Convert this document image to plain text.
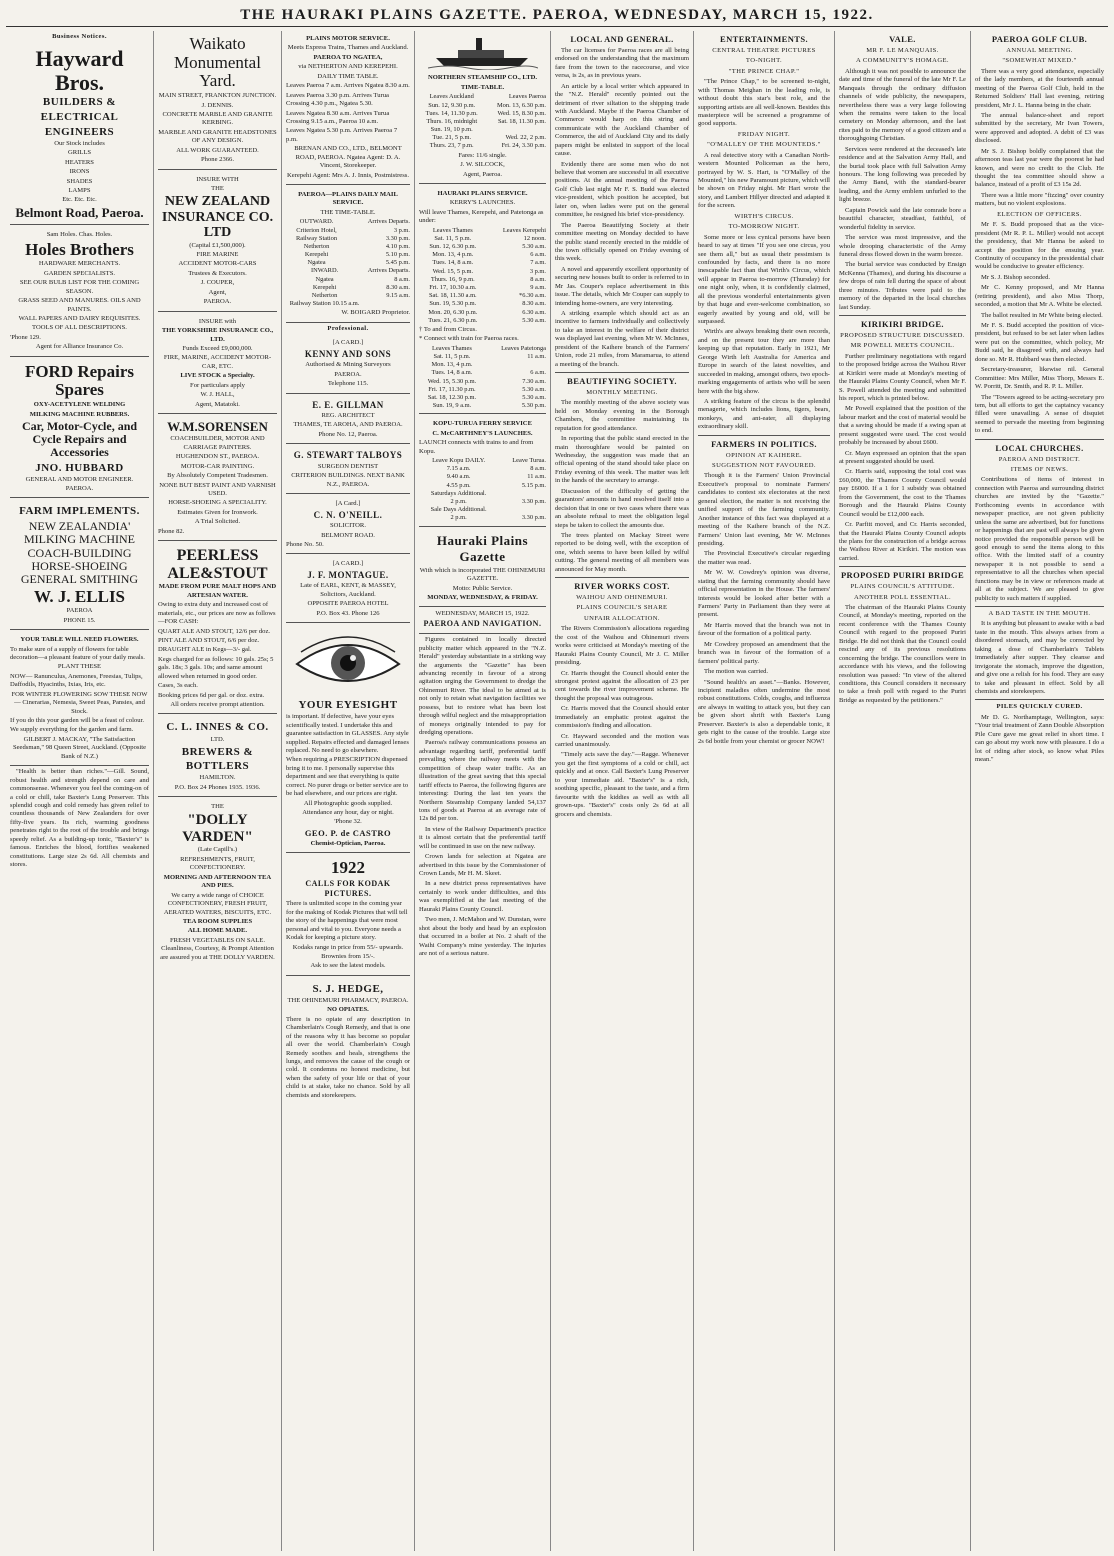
THE HAURAKI PLAINS GAZETTE. PAEROA, WEDNESDAY, MARCH 15, 1922.
Business Notices.

Hayward Bros.

BUILDERS &

ELECTRICAL

ENGINEERS

Our Stock includes

GRILLS

HEATERS

IRONS

SHADES

LAMPS

Etc. Etc. Etc.

Belmont Road, Paeroa.

Sam Holes. Chas. Holes.

Holes Brothers

HARDWARE MERCHANTS.

GARDEN SPECIALISTS.

SEE OUR BULB LIST FOR THE COMING SEASON.

GRASS SEED AND MANURES. OILS AND PAINTS.

WALL PAPERS AND DAIRY REQUISITES.

TOOLS OF ALL DESCRIPTIONS.

'Phone 129.

Agent for Alliance Insurance Co.

FORD Repairs Spares

OXY-ACETYLENE WELDING

MILKING MACHINE RUBBERS.

Car, Motor-Cycle, and Cycle Repairs and Accessories

JNO. HUBBARD

GENERAL AND MOTOR ENGINEER.

PAEROA.

FARM IMPLEMENTS.

NEW ZEALANDIA' MILKING MACHINE

COACH-BUILDING HORSE-SHOEING GENERAL SMITHING

W. J. ELLIS

PAEROA

PHONE 15.

YOUR TABLE WILL NEED FLOWERS.

To make sure of a supply of flowers for table decoration—a pleasant feature of your daily meals.

PLANT THESE

NOW— Ranunculus, Anemones, Freesias, Tulips, Daffodils, Hyacinths, Ixias, Iris, etc.

FOR WINTER FLOWERING SOW THESE NOW— Cinerarias, Nemesia, Sweet Peas, Pansies, and Stock.

If you do this your garden will be a feast of colour.

We supply everything for the garden and farm.

GILBERT J. MACKAY, "The Satisfaction Seedsman," 98 Queen Street, Auckland. (Opposite Bank of N.Z.)

"Health is better than riches."—Gill. Sound, robust health and strength depend on care and commonsense. Whenever you feel the coming-on of a cold or chill, take Baxter's Lung Preserver. This splendid cough and cold remedy has given relief to countless thousands of New Zealanders for over fifty-five years. Its rich, warming goodness penetrates right to the root of the trouble and brings speedy relief. As a building-up tonic, "Baxter's" is famous. Enriches the blood, fortifies weakened constitutions. Large size 2s 6d. All chemists and stores.

Waikato Monumental Yard.

MAIN STREET, FRANKTON JUNCTION.

J. DENNIS.

CONCRETE MARBLE AND GRANITE KERBING.

MARBLE AND GRANITE HEADSTONES OF ANY DESIGN.

ALL WORK GUARANTEED.

Phone 2366.

INSURE WITH

THE

NEW ZEALAND INSURANCE CO. LTD

(Capital £1,500,000).

FIRE MARINE

ACCIDENT MOTOR-CARS

Trustees & Executors.

J. COUPER,

Agent,

PAEROA.

INSURE with

THE YORKSHIRE INSURANCE CO., LTD.

Funds Exceed £9,000,000.

FIRE, MARINE, ACCIDENT MOTOR-CAR, ETC.

LIVE STOCK a Specialty.

For particulars apply

W. J. HALL,

Agent, Matatoki.

W.M.SORENSEN

COACHBUILDER, MOTOR AND CARRIAGE PAINTERS.

HUGHENDON ST., PAEROA.

MOTOR-CAR PAINTING.

By Absolutely Competent Tradesmen.

NONE BUT BEST PAINT AND VARNISH USED.

HORSE-SHOEING A SPECIALITY.

Estimates Given for Ironwork.

A Trial Solicited.

Phone 82.

PEERLESS ALE&STOUT

MADE FROM PURE MALT HOPS AND ARTESIAN WATER.

Owing to extra duty and increased cost of materials, etc., our prices are now as follows—FOR CASH:

QUART ALE AND STOUT, 12/6 per doz.

PINT ALE AND STOUT, 6/6 per doz.

DRAUGHT ALE in Kegs—3/- gal.

Kegs charged for as follows: 10 gals. 25s; 5 gals. 18s; 3 gals. 10s; and same amount allowed when returned in good order.

Cases, 3s each.

Booking prices 6d per gal. or doz. extra.

All orders receive prompt attention.

C. L. INNES & CO.

LTD.

BREWERS & BOTTLERS

HAMILTON.

P.O. Box 24 Phones 1935. 1936.

THE

"DOLLY VARDEN"

(Late Capill's.)

REFRESHMENTS, FRUIT, CONFECTIONERY.

MORNING AND AFTERNOON TEA AND PIES.

We carry a wide range of CHOICE CONFECTIONERY, FRESH FRUIT, AERATED WATERS, BISCUITS, ETC.

TEA ROOM SUPPLIES

ALL HOME MADE.

FRESH VEGETABLES ON SALE. Cleanliness, Courtesy, & Prompt Attention are assured you at THE DOLLY VARDEN.

PLAINS MOTOR SERVICE.

Meets Express Trains, Thames and Auckland.

PAEROA TO NGATEA,

via NETHERTON AND KEREPEHI.

DAILY TIME TABLE.

Leaves Paeroa 7 a.m. Arrives Ngatea 8.30 a.m.

Leaves Paeroa 3.30 p.m. Arrives Turua Crossing 4.30 p.m., Ngatea 5.30.

Leaves Ngatea 8.30 a.m. Arrives Turua Crossing 9.15 a.m., Paeroa 10 a.m.

Leaves Ngatea 5.30 p.m. Arrives Paeroa 7 p.m.

BRENAN AND CO., LTD., BELMONT ROAD, PAEROA. Ngatea Agent: D. A. Vincent, Storekeeper.

Kerepehi Agent: Mrs A. J. Innis, Postmistress.

PAEROA—PLAINS DAILY MAIL SERVICE.

THE TIME-TABLE.

OUTWARD.	Arrives Departs.
Criterion Hotel,	3 p.m.
Railway Station	3.30 p.m.
Netherton	4.10 p.m.
Kerepehi	5.10 p.m.
Ngatea	5.45 p.m.
INWARD.	Arrives Departs.
Ngatea	8 a.m.
Kerepehi	8.30 a.m.
Netherton	9.15 a.m.
Railway Station 10.15 a.m.	

W. BOIGARD Proprietor.

Professional.

[A CARD.]

KENNY AND SONS

Authorised & Mining Surveyors

PAEROA.

Telephone 115.

E. E. GILLMAN

REG. ARCHITECT

THAMES, TE AROHA, AND PAEROA.

Phone No. 12, Paeroa.

G. STEWART TALBOYS

SURGEON DENTIST

CRITERION BUILDINGS. NEXT BANK N.Z., PAEROA.

[A Card.]

C. N. O'NEILL.

SOLICITOR.

BELMONT ROAD.

Phone No. 50.

[A CARD.]

J. F. MONTAGUE.

Late of EARL, KENT, & MASSEY, Solicitors, Auckland.

OPPOSITE PAEROA HOTEL

P.O. Box 43. Phone 126

YOUR EYESIGHT

is important. If defective, have your eyes scientifically tested. I undertake this and guarantee satisfaction in GLASSES. Any style supplied. Repairs effected and damaged lenses replaced. No need to go elsewhere.

When requiring a PRESCRIPTION dispensed bring it to me. I personally supervise this department and see that everything is quite correct. No purer drugs or better service are to be had elsewhere, and our prices are right.

All Photographic goods supplied.

Attendance any hour, day or night.

'Phone 32.

GEO. P. de CASTRO

Chemist-Optician, Paeroa.

1922

CALLS FOR KODAK PICTURES.

There is unlimited scope in the coming year for the making of Kodak Pictures that will tell the story of the happenings that were most personal and vital to you. Everyone needs a Kodak for keeping a picture story.

Kodaks range in price from 55/- upwards.

Brownies from 15/-.

Ask to see the latest models.

S. J. HEDGE,

THE OHINEMURI PHARMACY, PAEROA.

NO OPIATES.

There is no opiate of any description in Chamberlain's Cough Remedy, and that is one of the reasons why it has become so popular all over the world. Chamberlain's Cough Remedy soothes and heals, strengthens the lungs, and removes the cause of the cough or cold. It condemns no honest medicine, but when the safety of your life or that of your child is at stake, take no chance. Sold by all chemists and storekeepers.

NORTHERN STEAMSHIP CO., LTD.

TIME-TABLE.

Leaves Auckland	Leaves Paeroa
Sun. 12, 9.30 p.m.	Mon. 13, 6.30 p.m.
Tues. 14, 11.30 p.m.	Wed. 15, 8.30 p.m.
Thurs. 16, midnight	Sat. 18, 11.30 p.m.
Sun. 19, 10 p.m.	
Tue. 21, 5 p.m.	Wed. 22, 2 p.m.
Thurs. 23, 7 p.m.	Fri. 24, 3.30 p.m.

Fares: 11/6 single.

J. W. SILCOCK,

Agent, Paeroa.

HAURAKI PLAINS SERVICE.

KERRY'S LAUNCHES.

Will leave Thames, Kerepehi, and Patetonga as under:

Leaves Thames	Leaves Kerepehi
Sat. 11, 5 p.m.	12 noon.
Sun. 12, 6.30 p.m.	5.30 a.m.
Mon. 13, 4 p.m.	6 a.m.
Tues. 14, 8 a.m.	7 a.m.
Wed. 15, 5 p.m.	3 p.m.
Thurs. 16, 9 p.m.	8 a.m.
Fri. 17, 10.30 a.m.	9 a.m.
Sat. 18, 11.30 a.m.	*6.30 a.m.
Sun. 19, 5.30 p.m.	8.30 a.m.
Mon. 20, 6.30 p.m.	6.30 a.m.
Tues. 21, 6.30 p.m.	5.30 a.m.

† To and from Circus.

* Connect with train for Paeroa races.

Leaves Thames	Leaves Patetonga
Sat. 11, 5 p.m.	11 a.m.
Mon. 13, 4 p.m.	
Tues. 14, 8 a.m.	6 a.m.
Wed. 15, 5.30 p.m.	7.30 a.m.
Fri. 17, 11.30 p.m.	5.30 a.m.
Sat. 18, 12.30 p.m.	5.30 a.m.
Sun. 19, 9 a.m.	5.30 p.m.

KOPU-TURUA FERRY SERVICE

C. McCARTHNEY'S LAUNCHES.

LAUNCH connects with trains to and from Kopu.

Leave Kopu DAILY.	Leave Turua.
7.15 a.m.	8 a.m.
9.40 a.m.	11 a.m.
4.55 p.m.	5.15 p.m.
Saturdays Additional.	
2 p.m.	3.30 p.m.
Sale Days Additional.	
2 p.m.	3.30 p.m.

Hauraki Plains Gazette

With which is incorporated THE OHINEMURI GAZETTE.

Motto: Public Service.

MONDAY, WEDNESDAY, & FRIDAY.

WEDNESDAY, MARCH 15, 1922.

PAEROA AND NAVIGATION.

Figures contained in locally directed publicity matter which appeared in the "N.Z. Herald" yesterday substantiate in a striking way the arguments the "Gazette" has been advancing recently in favour of a strong agitation urging the Government to dredge the Ohinemuri River. The ideal to be aimed at is not only to retain what navigation facilities we possess, but to restore what has been lost through wilful neglect and the misappropriation of moneys originally intended to pay for dredging operations.

Paeroa's railway communications possess an advantage regarding tariff, preferential tariff prevailing where the railway meets with the competition of cheap water traffic. As an illustration of the great saving that this special tariff effects to Paeroa, the following figures are interesting: During the last ten years the Northern Steamship Company landed 54,137 tons of goods at Paeroa at an average rate of 12s 8d per ton.

In view of the Railway Department's practice it is almost certain that the preferential tariff will be continued in use on the new railway.

Crown lands for selection at Ngatea are advertised in this issue by the Commissioner of Crown Lands, Mr H. M. Skeet.

In a new district press representatives have certainly to work under difficulties, and this was exemplified at the last meeting of the Hauraki Plains County Council.

Two men, J. McMahon and W. Dunstan, were shot about the body and head by an explosion that occurred in a boiler at No. 2 shaft of the Waihi Company's mine yesterday. The injuries are not of a serious nature.

LOCAL AND GENERAL.

The car licenses for Paeroa races are all being endorsed on the understanding that the maximum fare from the town to the racecourse, and vice versa, is 2s, as in previous years.

An article by a local writer which appeared in the "N.Z. Herald" recently pointed out the detriment of river siltation to the shipping trade with Auckland. Maybe if the Paeroa Chamber of Commerce would harp on this string and communicate with the Auckland Chamber of Commerce, the aid of Auckland City and its daily papers might be enlisted in support of the local cause.

Evidently there are some men who do not believe that women are successful in all executive positions. At the annual meeting of the Paeroa Golf Club last night Mr F. S. Budd was elected vice-president, which position he accepted, but later on, when ladies were put on the general committee, he resigned his brief vice-presidency.

The Paeroa Beautifying Society at their committee meeting on Monday decided to have the public stand recently erected in the middle of the town officially opened on Friday evening of this week.

A novel and apparently excellent opportunity of securing new houses built to order is referred to in Mr Jas. Couper's replace advertisement in this issue. The details, which Mr Couper can supply to intending home-owners, are very interesting.

A striking example which should act as an incentive to farmers individually and collectively to take an interest in the welfare of their district was displayed last evening, when Mr W. McInnes, president of the Kaihere branch of the Farmers' Union, rode 21 miles, from Maramarua, to attend a meeting of the branch.

BEAUTIFYING SOCIETY.
MONTHLY MEETING.

The monthly meeting of the above society was held on Monday evening in the Borough Chambers, the committee maintaining its reputation for good attendance.

In reporting that the public stand erected in the main thoroughfare would be painted on Wednesday, the suggestion was made that an official opening of the stand should take place on Friday evening of this week. The matter was left in the hands of the secretary to arrange.

Discussion of the difficulty of getting the guarantors' amounts in hand resolved itself into a decision that in one or two cases where there was an absolute refusal to meet the obligation legal steps be taken to collect the amounts due.

The trees planted on Mackay Street were reported to be doing well, with the exception of one, which seems to have been killed by wilful cutting. The general meeting of all members was announced for May month.

RIVER WORKS COST.
WAIHOU AND OHINEMURI.
PLAINS COUNCIL'S SHARE
UNFAIR ALLOCATION.

The Rivers Commission's allocations regarding the cost of the Waihou and Ohinemuri rivers works were criticised at Monday's meeting of the Hauraki Plains County Council, Mr J. C. Miller presiding.

Cr. Harris thought the Council should enter the strongest protest against the allocation of 23 per cent towards the river improvement scheme. He thought the proposal was outrageous.

Cr. Harris moved that the Council should enter immediately an emphatic protest against the commission's finding and allocation.

Cr. Hayward seconded and the motion was carried unanimously.

"Timely acts save the day."—Ragge. Whenever you get the first symptoms of a cold or chill, act quickly and at once. Call Baxter's Lung Preserver to your immediate aid. "Baxter's" is a rich, soothing specific, pleasant to the taste, and a firm favourite with the kiddies as well as with all grown-ups. "Baxter's" costs only 2s 6d at all grocers and chemists.

ENTERTAINMENTS.
CENTRAL THEATRE PICTURES
TO-NIGHT.
"THE PRINCE CHAP."

"The Prince Chap," to be screened to-night, with Thomas Meighan in the leading role, is without doubt this star's best role, and the supporting artists are all well-known. Besides this masterpiece will be screened a programme of good supports.

FRIDAY NIGHT.
"O'MALLEY OF THE MOUNTEDS."

A real detective story with a Canadian North-western Mounted Policeman as the hero, portrayed by W. S. Hart, is "O'Malley of the Mounted," his new Paramount picture, which will be shown on Friday night. Mr Hart wrote the story, and Lambert Hillyer directed and adapted it for the screen.

WIRTH'S CIRCUS.
TO-MORROW NIGHT.

Some more or less cynical persons have been heard to say at times "If you see one circus, you see them all," but as usual their pessimism is confounded by facts, and there is no more inescapable fact than that Wirth's Circus, which will appear in Paeroa to-morrow (Thursday) for one night only, when, it is confidently claimed, all the previous wonderful entertainments given by that huge and ever-welcome combination, so eagerly awaited by young and old, will be surpassed.

Wirth's are always breaking their own records, and on the present tour they are more than keeping up that reputation. Early in 1921, Mr George Wirth left Australia for America and Europe in search of the latest novelties, and succeeded in making, amongst others, two epoch-marking engagements of artists who will be seen here with the big show.

A striking feature of the circus is the splendid menagerie, which includes lions, tigers, bears, monkeys, and ant-eater, all displaying extraordinary skill.

FARMERS IN POLITICS.
OPINION AT KAIHERE.
SUGGESTION NOT FAVOURED.

Though it is the Farmers' Union Provincial Executive's proposal to nominate Farmers' candidates to contest six electorates at the next general election, the matter is not receiving the unified support of the farming community. Another instance of this fact was displayed at a meeting of the Kaihere branch of the N.Z. Farmers' Union last evening, Mr W. McInnes presiding.

The Provincial Executive's circular regarding the matter was read.

Mr W. W. Cowdrey's opinion was diverse, stating that the farming community should have official representation in the House. The farmers' interests would be looked after better with a Farmers' Party in Parliament than they were at present.

Mr Harris moved that the branch was not in favour of the formation of a political party.

Mr Cowdrey proposed an amendment that the branch was in favour of the formation of a farmers' political party.

The motion was carried.

"Sound health's an asset."—Banks. However, incipient maladies often undermine the most robust constitutions. Colds, coughs, and influenza are always in waiting to attack you, but they can be given short shrift with Baxter's Lung Preserver. Baxter's is also a dependable tonic, it gets right to the cause of the trouble. Large size 2s 6d bottle from your chemist or grocer NOW!

VALE.
MR F. LE MANQUAIS.
A COMMUNITY'S HOMAGE.

Although it was not possible to announce the date and time of the funeral of the late Mr F. Le Manquais through the ordinary diffusion channels of wide publicity, the newspapers, nevertheless there was a very large following when the remains were taken to the local cemetery on Monday afternoon, and the last rites paid to the memory of a good citizen and a thoroughgoing Christian.

Services were rendered at the deceased's late residence and at the Salvation Army Hall, and the burial took place with full Salvation Army honours. The long following was preceded by the Army Band, with the standard-bearer leading, and the Army emblem unfurled to the light breeze.

Captain Powick said the late comrade bore a beautiful character, steadfast, faithful, of wonderful fidelity in service.

The service was most impressive, and the whole drooping characteristic of the Army funeral dress flowed down in the warm breeze.

The burial service was conducted by Ensign McKenna (Thames), and during his discourse a few drops of rain fell during the space of about three minutes. Tributes were paid to the memory of the departed in the local churches last Sunday.

KIRIKIRI BRIDGE.
PROPOSED STRUCTURE DISCUSSED.
MR POWELL MEETS COUNCIL.

Further preliminary negotiations with regard to the proposed bridge across the Waihou River at Kirikiri were made at Monday's meeting of the Hauraki Plains County Council, when Mr F. S. Powell attended the meeting and submitted his report, which is printed below.

Mr Powell explained that the position of the labour market and the cost of material would be that a saving should be made if a swing span at present suggested were used. The cost would probably be increased by about £600.

Cr. Mayn expressed an opinion that the span at present suggested should be used.

Cr. Harris said, supposing the total cost was £60,000, the Thames County Council would pay £6000. If a 1 for 1 subsidy was obtained from the Government, the cost to the Thames Borough and the Hauraki Plains County Council would be £12,000 each.

Cr. Parfitt moved, and Cr. Harris seconded, that the Hauraki Plains County Council adopts the plans for the construction of a bridge across the Waihou River at Kirikiri. The motion was carried.

PROPOSED PURIRI BRIDGE
PLAINS COUNCIL'S ATTITUDE.
ANOTHER POLL ESSENTIAL.

The chairman of the Hauraki Plains County Council, at Monday's meeting, reported on the recent conference with the Thames County Council with regard to the proposed Puriri Bridge. He did not think that the Council could rescind any of its previous resolutions concerning the bridge. The councillors were in accordance with his views, and the following resolution was passed: "In view of the altered conditions, this Council considers it necessary to take a fresh poll with regard to the Puriri Bridge as requested by the petitioners."

PAEROA GOLF CLUB.
ANNUAL MEETING.
"SOMEWHAT MIXED."

There was a very good attendance, especially of the lady members, at the fourteenth annual meeting of the Paeroa Golf Club, held in the Returned Soldiers' Hall last evening, retiring president, Mr J. L. Hanna being in the chair.

The annual balance-sheet and report submitted by the secretary, Mr Ivan Towers, were approved and adopted. A debit of £3 was disclosed.

Mr S. J. Bishop boldly complained that the afternoon teas last year were the poorest he had known, and were no credit to the Club. He thought the tea committee should show a balance, instead of a profit of £3 15s 2d.

There was a little more "fizzing" over country matters, but no violent explosions.

ELECTION OF OFFICERS.

Mr F. S. Budd proposed that as the vice-president (Mr R. P. L. Miller) would not accept the presidency, that Mr Hanna be asked to accept the position for the ensuing year. Continuity of occupancy in the presidential chair would be conducive to greater efficiency.

Mr S. J. Bishop seconded.

Mr C. Kenny proposed, and Mr Hanna (retiring president), and also Miss Thorp, seconded, a motion that Mr A. White be elected.

The ballot resulted in Mr White being elected.

Mr F. S. Budd accepted the position of vice-president, but refused to be set later when ladies were put on the committee, which policy, Mr Budd said, he disagreed with, and always had done so. Mr R. Hubbard was then elected.

Secretary-treasurer, likewise nil. General Committee: Mrs Miller, Miss Thorp, Messrs E. W. Porritt, Dr. Smith, and R. P. L. Miller.

The "Towers agreed to be acting-secretary pro tem, but all efforts to get the captaincy vacancy filled were unavailing. A sense of disquiet seemed to pervade the meeting from beginning to end.

LOCAL CHURCHES.
PAEROA AND DISTRICT.
ITEMS OF NEWS.

Contributions of items of interest in connection with Paeroa and surrounding district churches are invited by the "Gazette." Forthcoming events in accordance with newspaper practice, are not given publicity unless the same are advertised, but for functions or happenings that are past will always be given notice provided the responsible person will be good enough to send the items along to this office. With the limited staff of a country newspaper it is not possible to send a representative to all the churches when special functions may be in view or references made at all at the subject. We are pleased to give publicity to such matters if supplied.

A BAD TASTE IN THE MOUTH.

It is anything but pleasant to awake with a bad taste in the mouth. This always arises from a disordered stomach, and may be corrected by taking a dose of Chamberlain's Tablets immediately after supper. They cleanse and invigorate the stomach, improve the digestion, and give one a relish for his food. They are easy to take and pleasant in effect. Sold by all chemists and storekeepers.

PILES QUICKLY CURED.

Mr D. G. Northamptage, Wellington, says: "Your trial treatment of Zann Double Absorption Pile Cure gave me great relief in short time. I can go about my work now with pleasure. I do a lot of riding after stock, so know what Piles mean."
